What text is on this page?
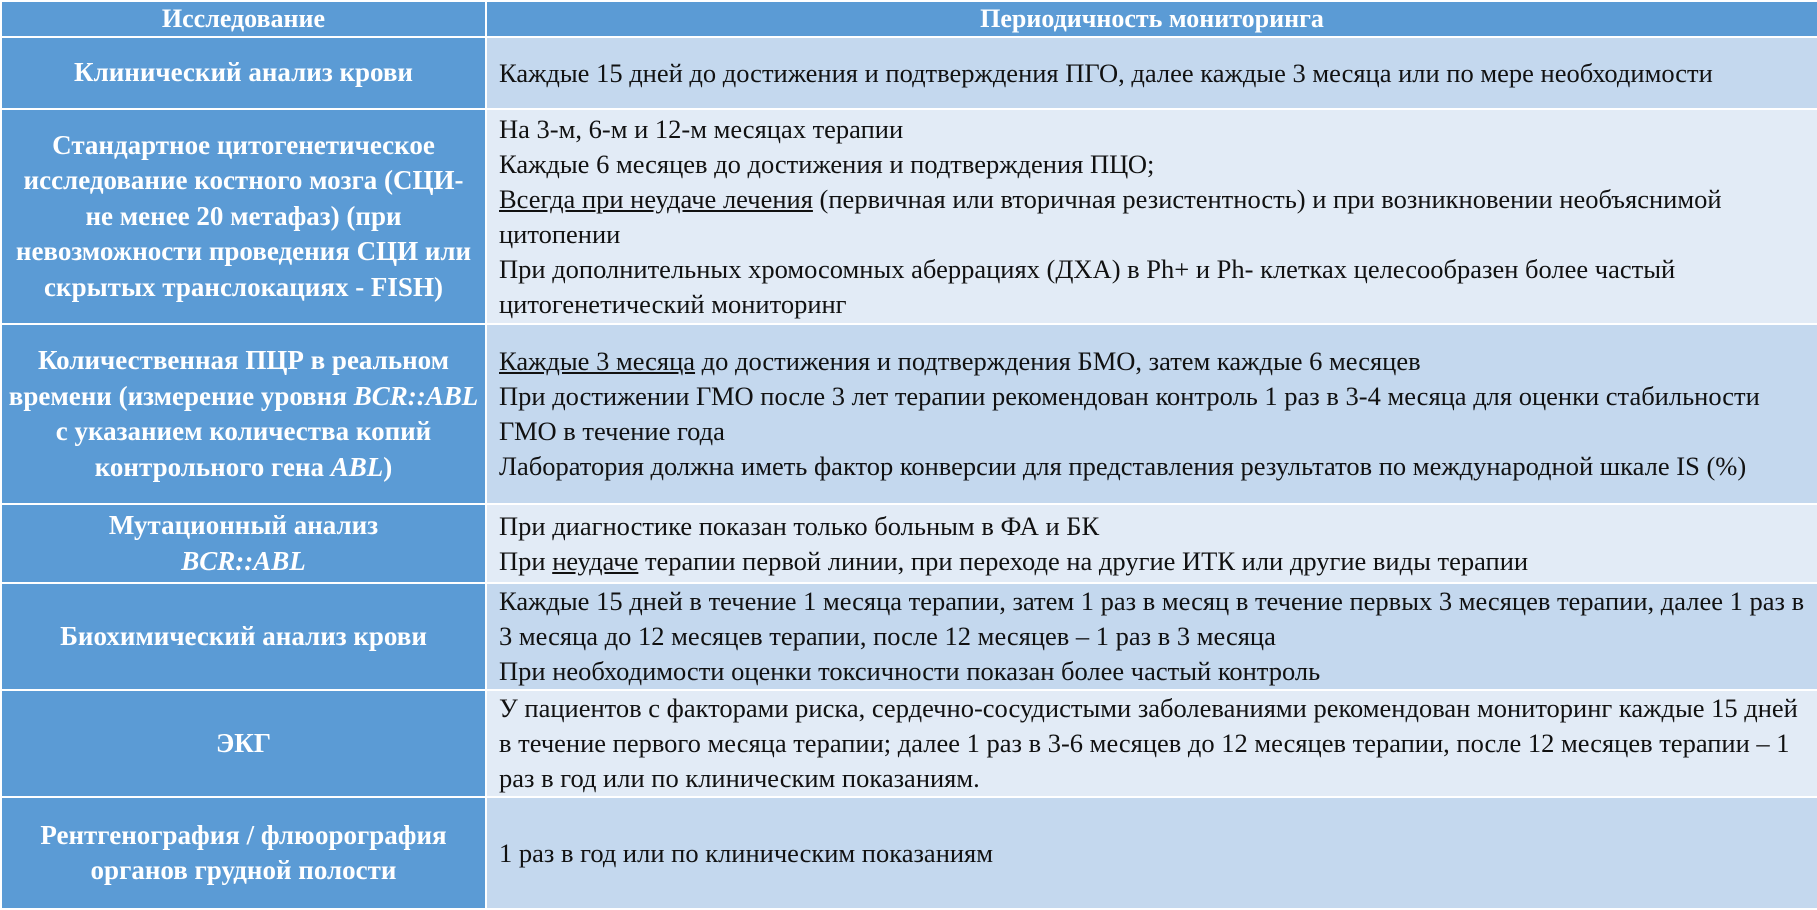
Исследование	Периодичность мониторинга
Клинический анализ крови	Каждые 15 дней до достижения и подтверждения ПГО, далее каждые 3 месяца или по мере необходимости

Стандартное цитогенетическое исследование костного мозга (СЦИ- не менее 20 метафаз) (при невозможности проведения СЦИ или скрытых транслокациях - FISH)	На 3-м, 6-м и 12-м месяцах терапии
Каждые 6 месяцев до достижения и подтверждения ПЦО;
Всегда при неудаче лечения (первичная или вторичная резистентность) и при возникновении необъяснимой цитопении
При дополнительных хромосомных аберрациях (ДХА) в Ph+ и Ph- клетках целесообразен более частый цитогенетический мониторинг

Количественная ПЦР в реальном времени (измерение уровня BCR::ABL с указанием количества копий контрольного гена ABL)	Каждые 3 месяца до достижения и подтверждения БМО, затем каждые 6 месяцев
При достижении ГМО после 3 лет терапии рекомендован контроль 1 раз в 3-4 месяца для оценки стабильности ГМО в течение года
Лаборатория должна иметь фактор конверсии для представления результатов по международной шкале IS (%)

Мутационный анализ
BCR::ABL	При диагностике показан только больным в ФА и БК
При неудаче терапии первой линии, при переходе на другие ИТК или другие виды терапии

Биохимический анализ крови	Каждые 15 дней в течение 1 месяца терапии, затем 1 раз в месяц в течение первых 3 месяцев терапии, далее 1 раз в 3 месяца до 12 месяцев терапии, после 12 месяцев – 1 раз в 3 месяца
При необходимости оценки токсичности показан более частый контроль

ЭКГ	У пациентов с факторами риска, сердечно-сосудистыми заболеваниями рекомендован мониторинг каждые 15 дней в течение первого месяца терапии; далее 1 раз в 3-6 месяцев до 12 месяцев терапии, после 12 месяцев терапии – 1 раз в год или по клиническим показаниям.

Рентгенография / флюорография органов грудной полости	1 раз в год или по клиническим показаниям
